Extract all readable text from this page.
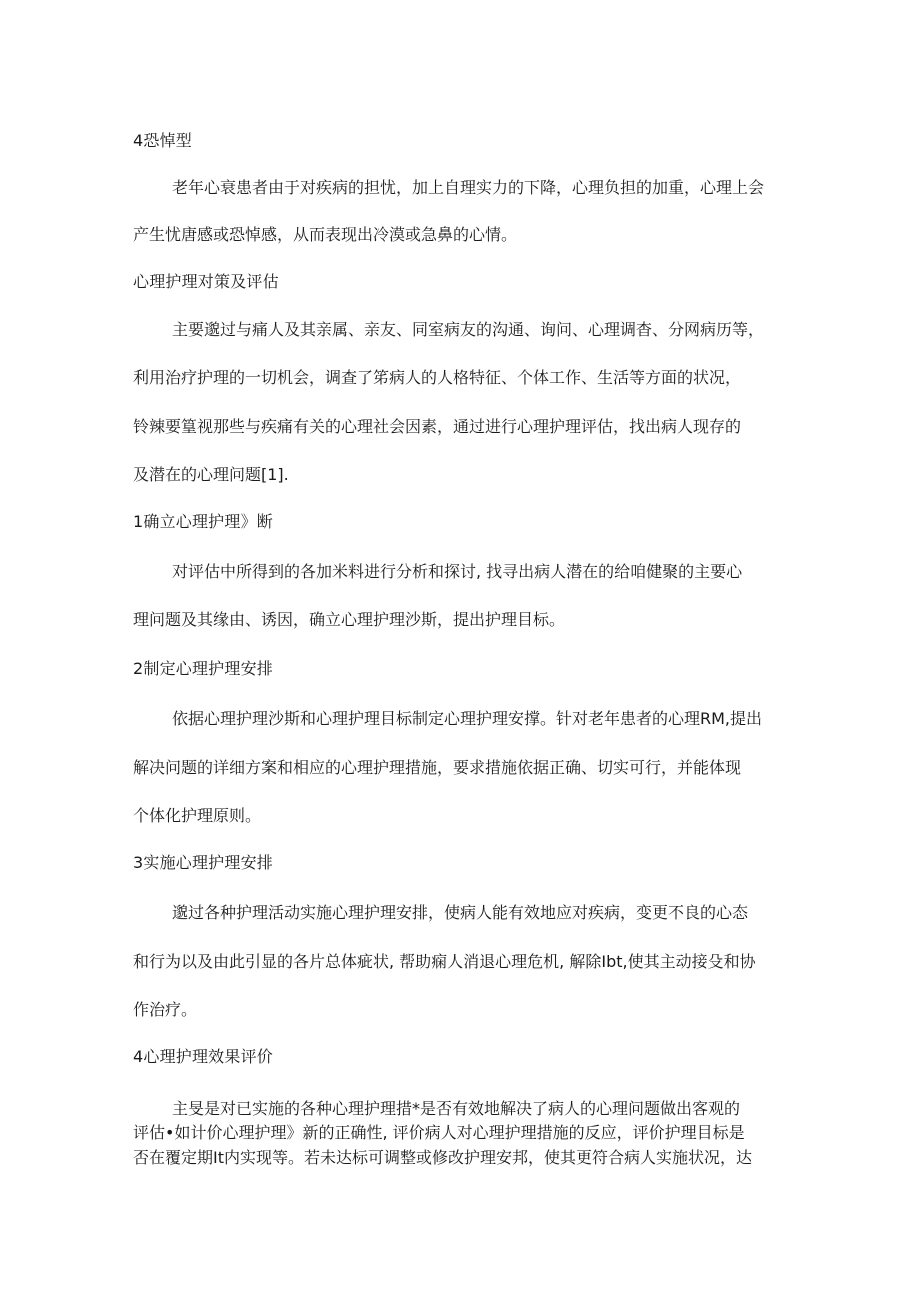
4恐悼型
老年心衰患者由于对疾病的担忧，加上自理实力的下降，心理负担的加重，心理上会
产生忧唐感或恐悼感，从而表现出冷漠或急鼻的心情。
心理护理对策及评估
主要邈过与痛人及其亲属、亲友、同室病友的沟通、询问、心理调杳、分网病历等，
利用治疗护理的一切机会，调查了笫病人的人格特征、个体工作、生活等方面的状况，
铃辣要篁视那些与疾痛有关的心理社会因素，通过进行心理护理评估，找出病人现存的
及潜在的心理问题[1].
1确立心理护理》断
对评估中所得到的各加米料进行分析和探讨, 找寻出病人潜在的给咱健聚的主要心
理问题及其缘由、诱因，确立心理护理沙斯，提出护理目标。
2制定心理护理安排
依据心理护理沙斯和心理护理目标制定心理护理安撑。针对老年患者的心理RM,提出
解决问题的详细方案和相应的心理护理措施，要求措施依据正确、切实可行，并能体现
个体化护理原则。
3实施心理护理安排
邈过各种护理活动实施心理护理安排，使病人能有效地应对疾病，变更不良的心态
和行为以及由此引显的各片总体疵状, 帮助痫人消退心理危机, 解除Ibt,使其主动接殳和协
作治疗。
4心理护理效果评价
主旻是对已实施的各种心理护理措*是否有效地解决了病人的心理问题做出客观的
评估•如计价心理护理》新的正确性, 评价病人对心理护理措施的反应，评价护理目标是
否在覆定期It内实现等。若未达标可调整或修改护理安邦，使其更符合病人实施状况，达
